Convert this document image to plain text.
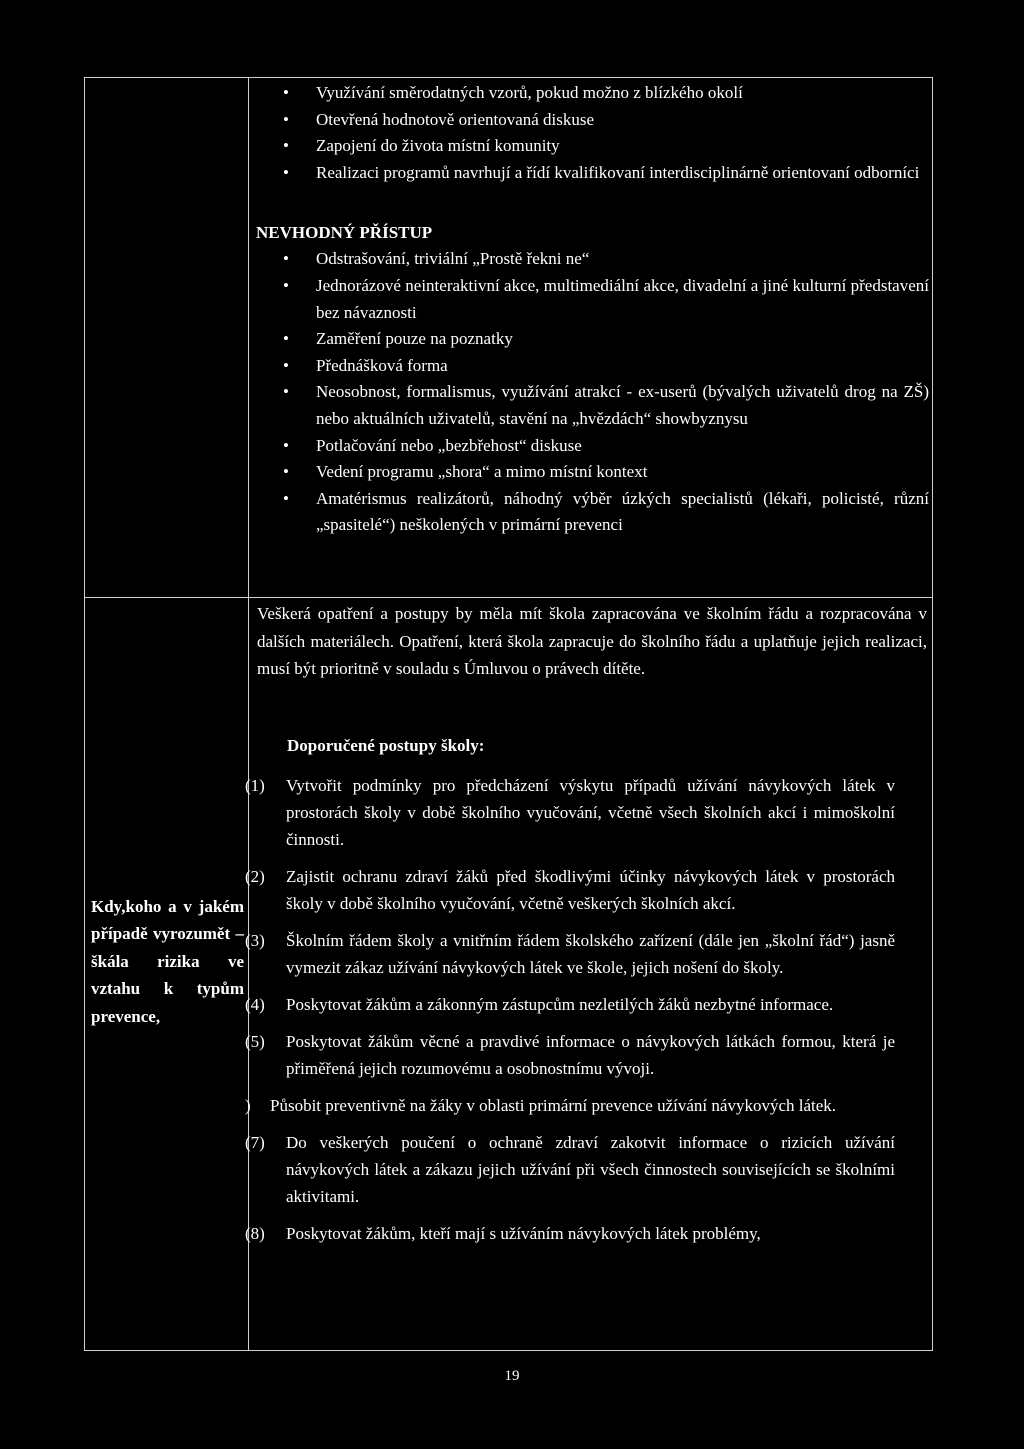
• Využívání směrodatných vzorů, pokud možno z blízkého okolí
• Otevřená hodnotově orientovaná diskuse
• Zapojení do života místní komunity
• Realizaci programů navrhují a řídí kvalifikovaní interdisciplinárně orientovaní odborníci
NEVHODNÝ PŘÍSTUP
• Odstrašování, triviální „Prostě řekni ne“
• Jednorázové neinteraktivní akce, multimediální akce, divadelní a jiné kulturní představení bez návaznosti
• Zaměření pouze na poznatky
• Přednášková forma
• Neosobnost, formalismus, využívání atrakcí - ex-userů (bývalých uživatelů drog na ZŠ) nebo aktuálních uživatelů, stavění na „hvězdách“ showbyznysu
• Potlačování nebo „bezbřehost“ diskuse
• Vedení programu „shora“ a mimo místní kontext
• Amatérismus realizátorů, náhodný výběr úzkých specialistů (lékaři, policisté, různí „spasitelé“) neškolených v primární prevenci

Veškerá opatření a postupy by měla mít škola zapracována ve školním řádu a rozpracována v dalších materiálech. Opatření, která škola zapracuje do školního řádu a uplatňuje jejich realizaci, musí být prioritně v souladu s Úmluvou o právech dítěte.

Kdy,koho a v jakém případě vyrozumět – škála rizika ve vztahu k typům prevence,

Doporučené postupy školy:

(1) Vytvořit podmínky pro předcházení výskytu případů užívání návykových látek v prostorách školy v době školního vyučování, včetně všech školních akcí i mimoškolní činnosti.
(2) Zajistit ochranu zdraví žáků před škodlivými účinky návykových látek v prostorách školy v době školního vyučování, včetně veškerých školních akcí.
(3) Školním řádem školy a vnitřním řádem školského zařízení (dále jen „školní řád“) jasně vymezit zákaz užívání návykových látek ve škole, jejich nošení do školy.
(4) Poskytovat žákům a zákonným zástupcům nezletilých žáků nezbytné informace.
(5) Poskytovat žákům věcné a pravdivé informace o návykových látkách formou, která je přiměřená jejich rozumovému a osobnostnímu vývoji.
) Působit preventivně na žáky v oblasti primární prevence užívání návykových látek.
(7) Do veškerých poučení o ochraně zdraví zakotvit informace o rizicích užívání návykových látek a zákazu jejich užívání při všech činnostech souvisejících se školními aktivitami.
(8) Poskytovat žákům, kteří mají s užíváním návykových látek problémy,
19
